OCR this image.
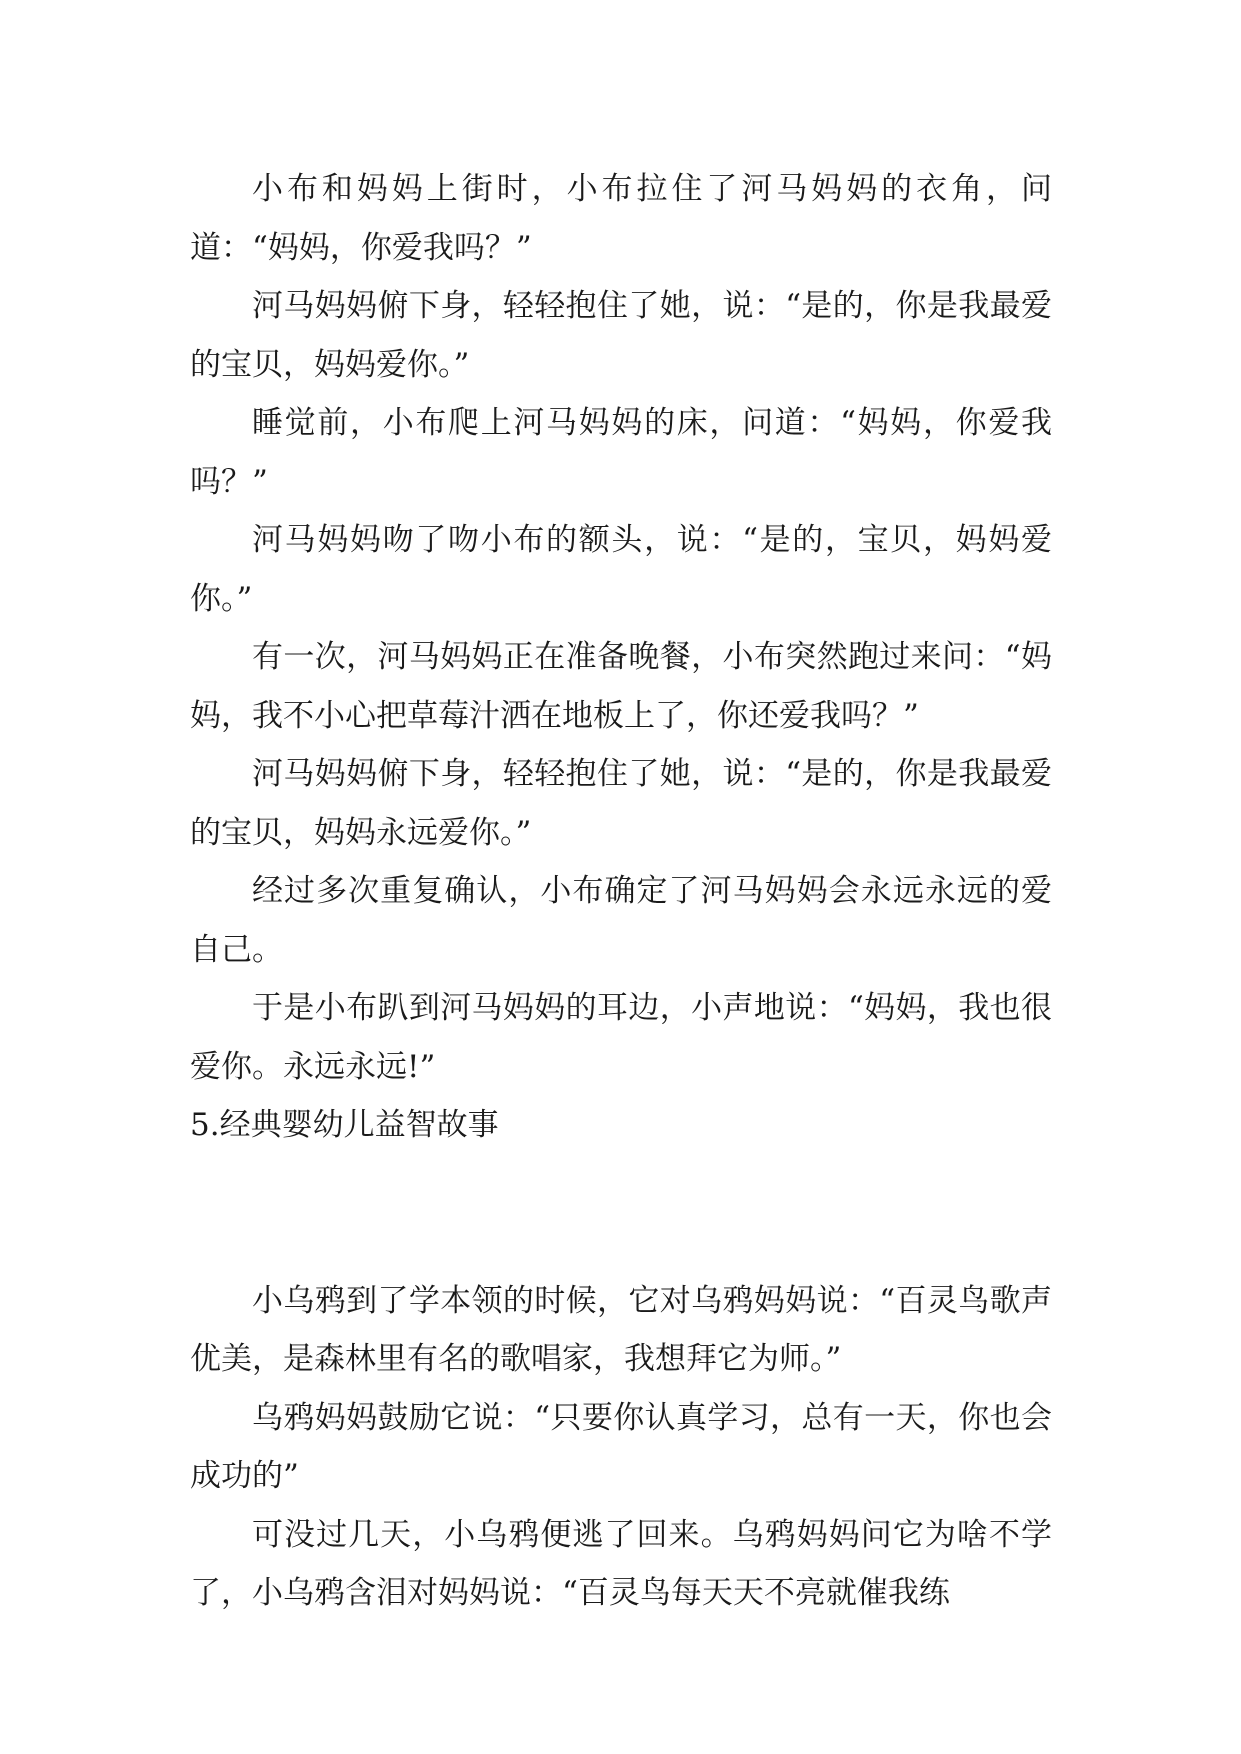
小布和妈妈上街时，小布拉住了河马妈妈的衣角，问道：“妈妈，你爱我吗？”

河马妈妈俯下身，轻轻抱住了她，说：“是的，你是我最爱的宝贝，妈妈爱你。”

睡觉前，小布爬上河马妈妈的床，问道：“妈妈，你爱我吗？”

河马妈妈吻了吻小布的额头，说：“是的，宝贝，妈妈爱你。”

有一次，河马妈妈正在准备晚餐，小布突然跑过来问：“妈妈，我不小心把草莓汁洒在地板上了，你还爱我吗？”

河马妈妈俯下身，轻轻抱住了她，说：“是的，你是我最爱的宝贝，妈妈永远爱你。”

经过多次重复确认，小布确定了河马妈妈会永远永远的爱自己。

于是小布趴到河马妈妈的耳边，小声地说：“妈妈，我也很爱你。永远永远!”

5.经典婴幼儿益智故事

小乌鸦到了学本领的时候，它对乌鸦妈妈说：“百灵鸟歌声优美，是森林里有名的歌唱家，我想拜它为师。”

乌鸦妈妈鼓励它说：“只要你认真学习，总有一天，你也会成功的”

可没过几天，小乌鸦便逃了回来。乌鸦妈妈问它为啥不学了，小乌鸦含泪对妈妈说：“百灵鸟每天天不亮就催我练
